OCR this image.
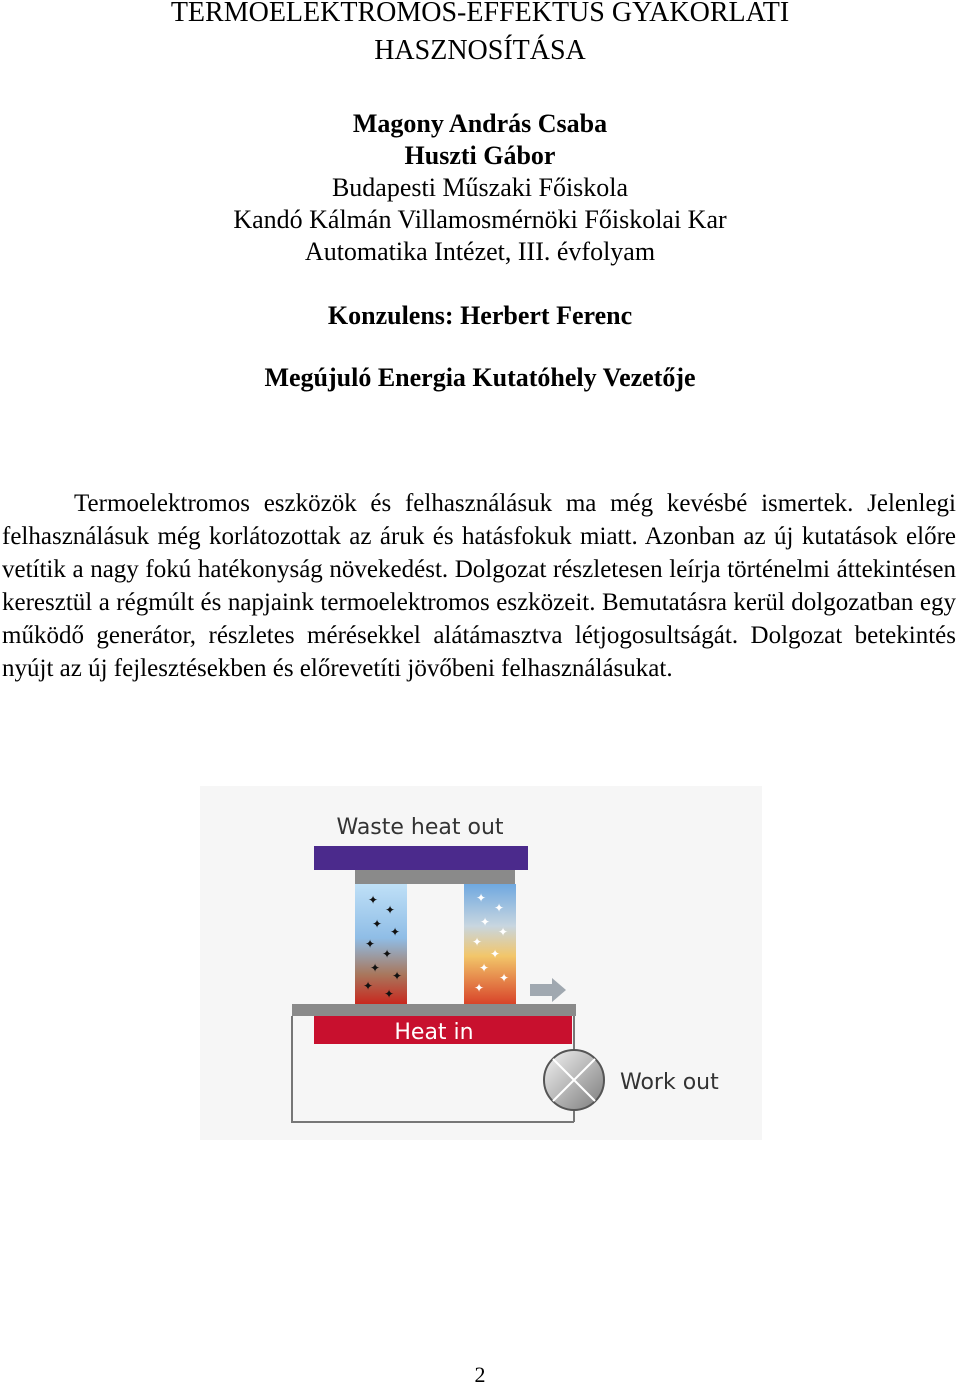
TERMOELEKTROMOS-EFFEKTUS GYAKORLATI
HASZNOSÍTÁSA
Magony András Csaba
Huszti Gábor
Budapesti Műszaki Főiskola
Kandó Kálmán Villamosmérnöki Főiskolai Kar
Automatika Intézet, III. évfolyam
Konzulens: Herbert Ferenc
Megújuló Energia Kutatóhely Vezetője

Termoelektromos eszközök és felhasználásuk ma még kevésbé ismertek. Jelenlegi felhasználásuk még korlátozottak az áruk és hatásfokuk miatt. Azonban az új kutatások előre vetítik a nagy fokú hatékonyság növekedést. Dolgozat részletesen leírja történelmi áttekintésen keresztül a régmúlt és napjaink termoelektromos eszközeit. Bemutatásra kerül dolgozatban egy működő generátor, részletes mérésekkel alátámasztva létjogosultságát. Dolgozat betekintés nyújt az új fejlesztésekben és előrevetíti jövőbeni felhasználásukat.

Waste heat out
✦
✦
✦
✦
✦
✦
✦
✦
✦
✦
✦
✦
✦
✦
✦
✦
✦
✦
✦
Heat in
Work out
2
